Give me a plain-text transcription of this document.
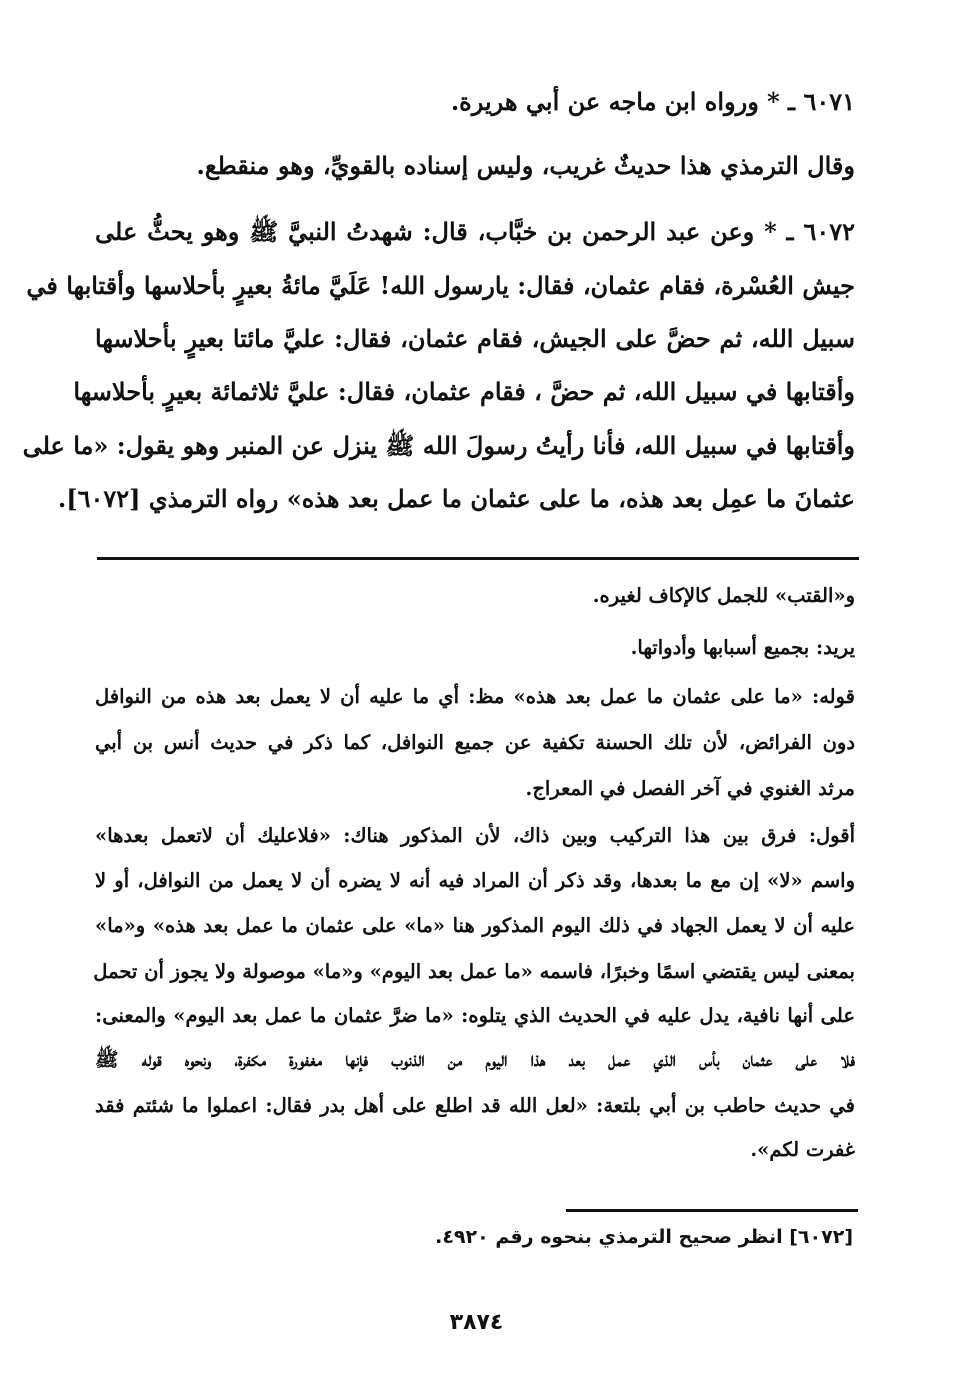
٦٠٧١ ـ * ورواه ابن ماجه عن أبي هريرة.
وقال الترمذي هذا حديثٌ غريب، وليس إسناده بالقويِّ، وهو منقطع.
٦٠٧٢ ـ * وعن عبد الرحمن بن خبَّاب، قال: شهدتُ النبيَّ ﷺ وهو يحثُّ على
جيش العُسْرة، فقام عثمان، فقال: يارسول الله! عَلَيَّ مائةُ بعيرٍ بأحلاسها وأقتابها في
سبيل الله، ثم حضَّ على الجيش، فقام عثمان، فقال: عليَّ مائتا بعيرٍ بأحلاسها
وأقتابها في سبيل الله، ثم حضَّ ، فقام عثمان، فقال: عليَّ ثلاثمائة بعيرٍ بأحلاسها
وأقتابها في سبيل الله، فأنا رأيتُ رسولَ الله ﷺ ينزل عن المنبر وهو يقول: «ما على
عثمانَ ما عمِل بعد هذه، ما على عثمان ما عمل بعد هذه» رواه الترمذي [٦٠٧٢].
و«القتب» للجمل كالإكاف لغيره.
يريد: بجميع أسبابها وأدواتها.
قوله: «ما على عثمان ما عمل بعد هذه» مظ: أي ما عليه أن لا يعمل بعد هذه من النوافل
دون الفرائض، لأن تلك الحسنة تكفية عن جميع النوافل، كما ذكر في حديث أنس بن أبي
مرثد الغنوي في آخر الفصل في المعراج.
أقول: فرق بين هذا التركيب وبين ذاك، لأن المذكور هناك: «فلاعليك أن لاتعمل بعدها»
واسم «لا» إن مع ما بعدها، وقد ذكر أن المراد فيه أنه لا يضره أن لا يعمل من النوافل، أو لا
عليه أن لا يعمل الجهاد في ذلك اليوم المذكور هنا «ما» على عثمان ما عمل بعد هذه» و«ما»
بمعنى ليس يقتضي اسمًا وخبرًا، فاسمه «ما عمل بعد اليوم» و«ما» موصولة ولا يجوز أن تحمل
على أنها نافية، يدل عليه في الحديث الذي يتلوه: «ما ضرَّ عثمان ما عمل بعد اليوم» والمعنى:
فلا على عثمان بأس الذي عمل بعد هذا اليوم من الذنوب فإنها مغفورة مكفرة، ونحوه قوله ﷺ
في حديث حاطب بن أبي بلتعة: «لعل الله قد اطلع على أهل بدر فقال: اعملوا ما شئتم فقد
غفرت لكم».
[٦٠٧٢] انظر صحيح الترمذي بنحوه رقم ٤٩٢٠.
٣٨٧٤
